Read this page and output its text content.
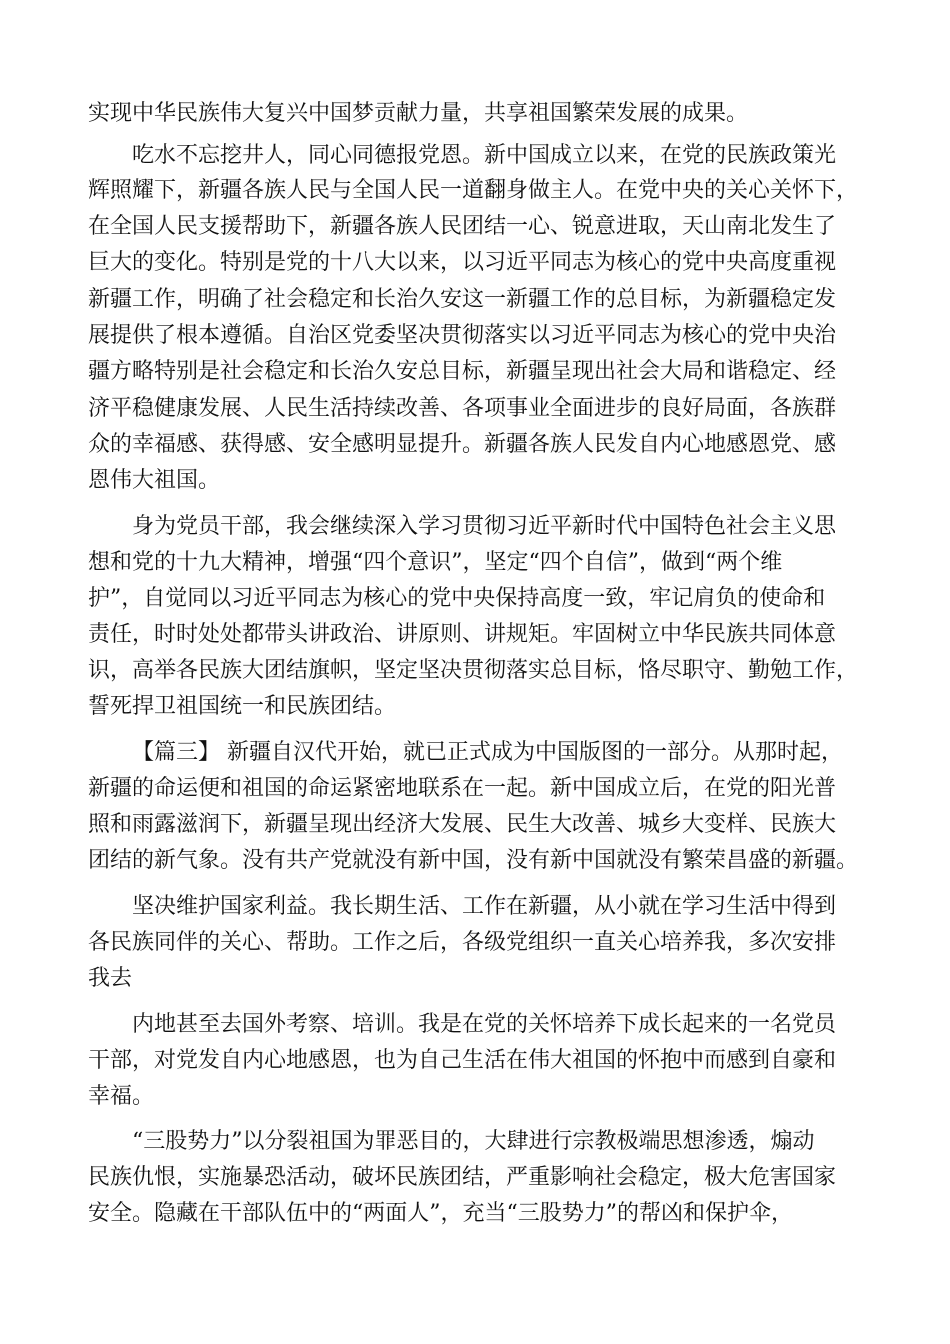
实现中华民族伟大复兴中国梦贡献力量，共享祖国繁荣发展的成果。
吃水不忘挖井人，同心同德报党恩。新中国成立以来，在党的民族政策光
辉照耀下，新疆各族人民与全国人民一道翻身做主人。在党中央的关心关怀下，
在全国人民支援帮助下，新疆各族人民团结一心、锐意进取，天山南北发生了
巨大的变化。特别是党的十八大以来，以习近平同志为核心的党中央高度重视
新疆工作，明确了社会稳定和长治久安这一新疆工作的总目标，为新疆稳定发
展提供了根本遵循。自治区党委坚决贯彻落实以习近平同志为核心的党中央治
疆方略特别是社会稳定和长治久安总目标，新疆呈现出社会大局和谐稳定、经
济平稳健康发展、人民生活持续改善、各项事业全面进步的良好局面，各族群
众的幸福感、获得感、安全感明显提升。新疆各族人民发自内心地感恩党、感
恩伟大祖国。
身为党员干部，我会继续深入学习贯彻习近平新时代中国特色社会主义思
想和党的十九大精神，增强“四个意识”，坚定“四个自信”，做到“两个维
护”，自觉同以习近平同志为核心的党中央保持高度一致，牢记肩负的使命和
责任，时时处处都带头讲政治、讲原则、讲规矩。牢固树立中华民族共同体意
识，高举各民族大团结旗帜，坚定坚决贯彻落实总目标，恪尽职守、勤勉工作，
誓死捍卫祖国统一和民族团结。
【篇三】 新疆自汉代开始，就已正式成为中国版图的一部分。从那时起，
新疆的命运便和祖国的命运紧密地联系在一起。新中国成立后，在党的阳光普
照和雨露滋润下，新疆呈现出经济大发展、民生大改善、城乡大变样、民族大
团结的新气象。没有共产党就没有新中国，没有新中国就没有繁荣昌盛的新疆。
坚决维护国家利益。我长期生活、工作在新疆，从小就在学习生活中得到
各民族同伴的关心、帮助。工作之后，各级党组织一直关心培养我，多次安排
我去
内地甚至去国外考察、培训。我是在党的关怀培养下成长起来的一名党员
干部，对党发自内心地感恩，也为自己生活在伟大祖国的怀抱中而感到自豪和
幸福。
“三股势力”以分裂祖国为罪恶目的，大肆进行宗教极端思想渗透，煽动
民族仇恨，实施暴恐活动，破坏民族团结，严重影响社会稳定，极大危害国家
安全。隐藏在干部队伍中的“两面人”，充当“三股势力”的帮凶和保护伞，
